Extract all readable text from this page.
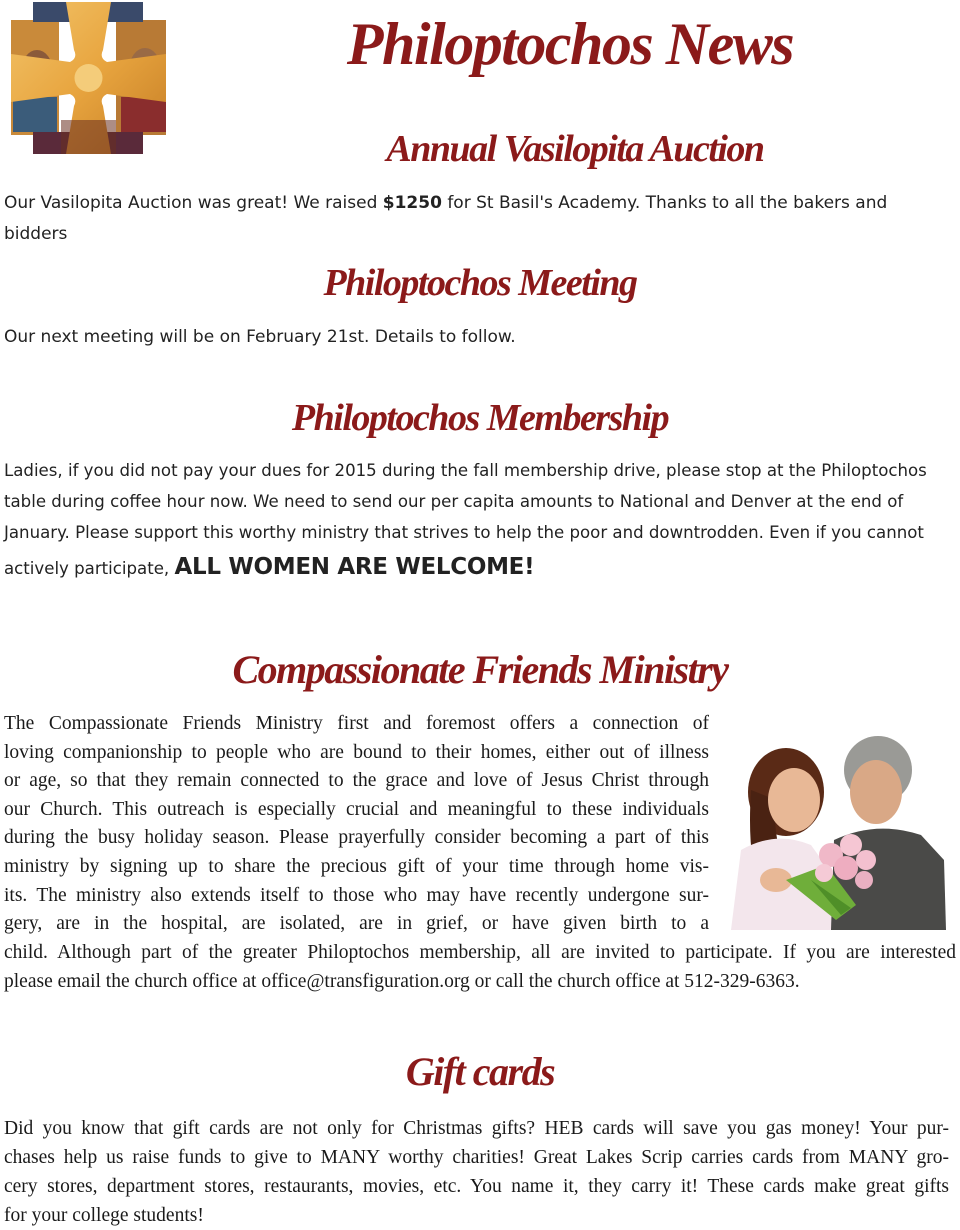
Philoptochos News
Annual Vasilopita Auction
Our Vasilopita Auction was great! We raised $1250 for St Basil's Academy. Thanks to all the bakers and
bidders
Philoptochos Meeting
Our next meeting will be on February 21st. Details to follow.
Philoptochos Membership
Ladies, if you did not pay your dues for 2015 during the fall membership drive, please stop at the Philoptochos
table during coffee hour now. We need to send our per capita amounts to National and Denver at the end of
January. Please support this worthy ministry that strives to help the poor and downtrodden. Even if you cannot
actively participate, ALL WOMEN ARE WELCOME!
Compassionate Friends Ministry
The Compassionate Friends Ministry first and foremost offers a connection of
loving companionship to people who are bound to their homes, either out of illness
or age, so that they remain connected to the grace and love of Jesus Christ through
our Church. This outreach is especially crucial and meaningful to these individuals
during the busy holiday season. Please prayerfully consider becoming a part of this
ministry by signing up to share the precious gift of your time through home vis-
its. The ministry also extends itself to those who may have recently undergone sur-
gery, are in the hospital, are isolated, are in grief, or have given birth to a
child. Although part of the greater Philoptochos membership, all are invited to participate. If you are interested
please email the church office at office@transfiguration.org or call the church office at 512-329-6363.
Gift cards
Did you know that gift cards are not only for Christmas gifts? HEB cards will save you gas money! Your pur-
chases help us raise funds to give to MANY worthy charities! Great Lakes Scrip carries cards from MANY gro-
cery stores, department stores, restaurants, movies, etc. You name it, they carry it! These cards make great gifts
for your college students!
